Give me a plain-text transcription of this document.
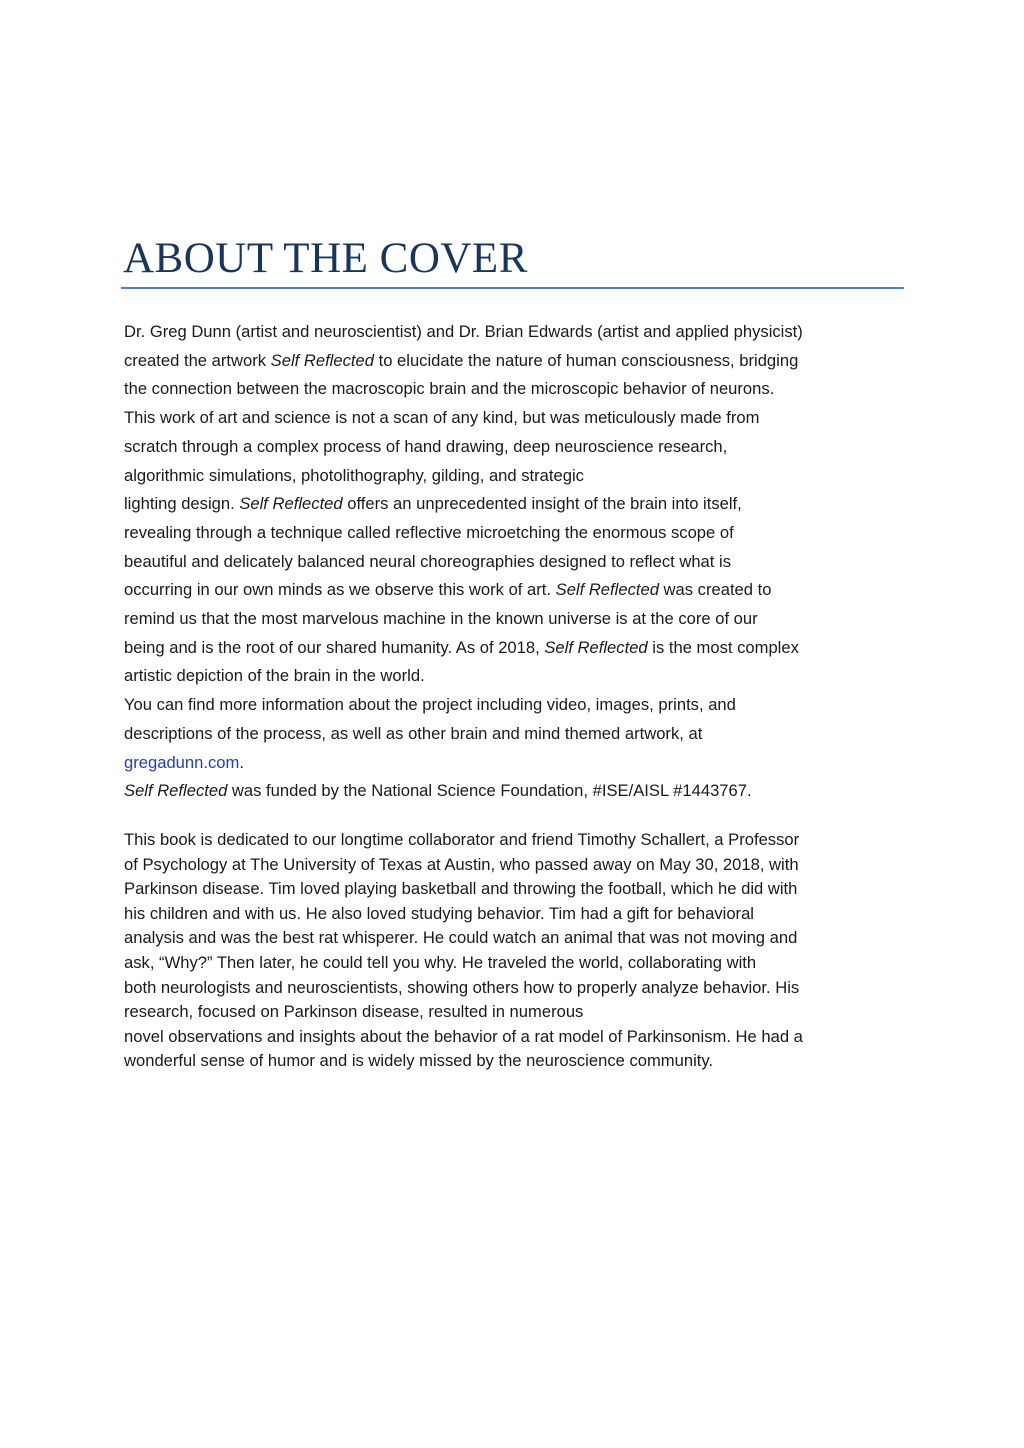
ABOUT THE COVER
Dr. Greg Dunn (artist and neuroscientist) and Dr. Brian Edwards (artist and applied physicist)
created the artwork Self Reflected to elucidate the nature of human consciousness, bridging
the connection between the macroscopic brain and the microscopic behavior of neurons.
This work of art and science is not a scan of any kind, but was meticulously made from
scratch through a complex process of hand drawing, deep neuroscience research,
algorithmic simulations, photolithography, gilding, and strategic
lighting design. Self Reflected offers an unprecedented insight of the brain into itself,
revealing through a technique called reflective microetching the enormous scope of
beautiful and delicately balanced neural choreographies designed to reflect what is
occurring in our own minds as we observe this work of art. Self Reflected was created to
remind us that the most marvelous machine in the known universe is at the core of our
being and is the root of our shared humanity. As of 2018, Self Reflected is the most complex
artistic depiction of the brain in the world.
You can find more information about the project including video, images, prints, and
descriptions of the process, as well as other brain and mind themed artwork, at
gregadunn.com.
Self Reflected was funded by the National Science Foundation, #ISE/AISL #1443767.
This book is dedicated to our longtime collaborator and friend Timothy Schallert, a Professor
of Psychology at The University of Texas at Austin, who passed away on May 30, 2018, with
Parkinson disease. Tim loved playing basketball and throwing the football, which he did with
his children and with us. He also loved studying behavior. Tim had a gift for behavioral
analysis and was the best rat whisperer. He could watch an animal that was not moving and
ask, “Why?” Then later, he could tell you why. He traveled the world, collaborating with
both neurologists and neuroscientists, showing others how to properly analyze behavior. His
research, focused on Parkinson disease, resulted in numerous
novel observations and insights about the behavior of a rat model of Parkinsonism. He had a
wonderful sense of humor and is widely missed by the neuroscience community.
